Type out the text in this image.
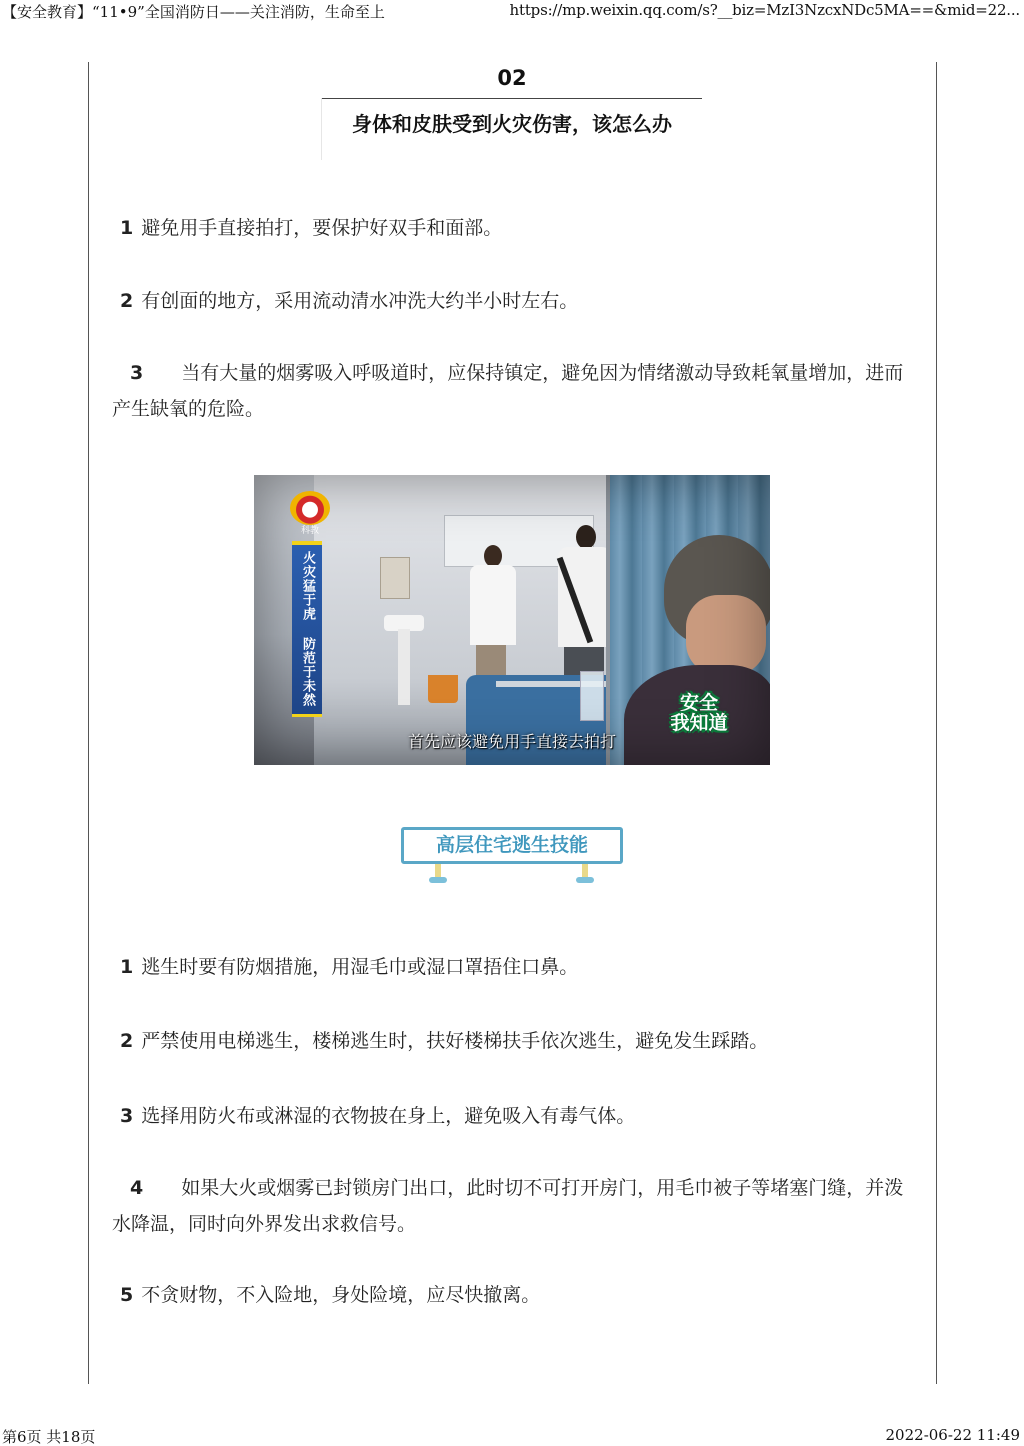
【安全教育】“11•9”全国消防日——关注消防，生命至上	https://mp.weixin.qq.com/s?__biz=MzI3NzcxNDc5MA==&mid=22...
02
身体和皮肤受到火灾伤害，该怎么办
1 避免用手直接拍打，要保护好双手和面部。
2 有创面的地方，采用流动清水冲洗大约半小时左右。
3 当有大量的烟雾吸入呼吸道时，应保持镇定，避免因为情绪激动导致耗氧量增加，进而产生缺氧的危险。
科教
火灾猛于虎 防范于未然	安全
我知道
首先应该避免用手直接去拍打
高层住宅逃生技能
1 逃生时要有防烟措施，用湿毛巾或湿口罩捂住口鼻。
2 严禁使用电梯逃生，楼梯逃生时，扶好楼梯扶手依次逃生，避免发生踩踏。
3 选择用防火布或淋湿的衣物披在身上，避免吸入有毒气体。
4 如果大火或烟雾已封锁房门出口，此时切不可打开房门，用毛巾被子等堵塞门缝，并泼水降温，同时向外界发出求救信号。
5 不贪财物，不入险地，身处险境，应尽快撤离。
第6页 共18页	2022-06-22 11:49
